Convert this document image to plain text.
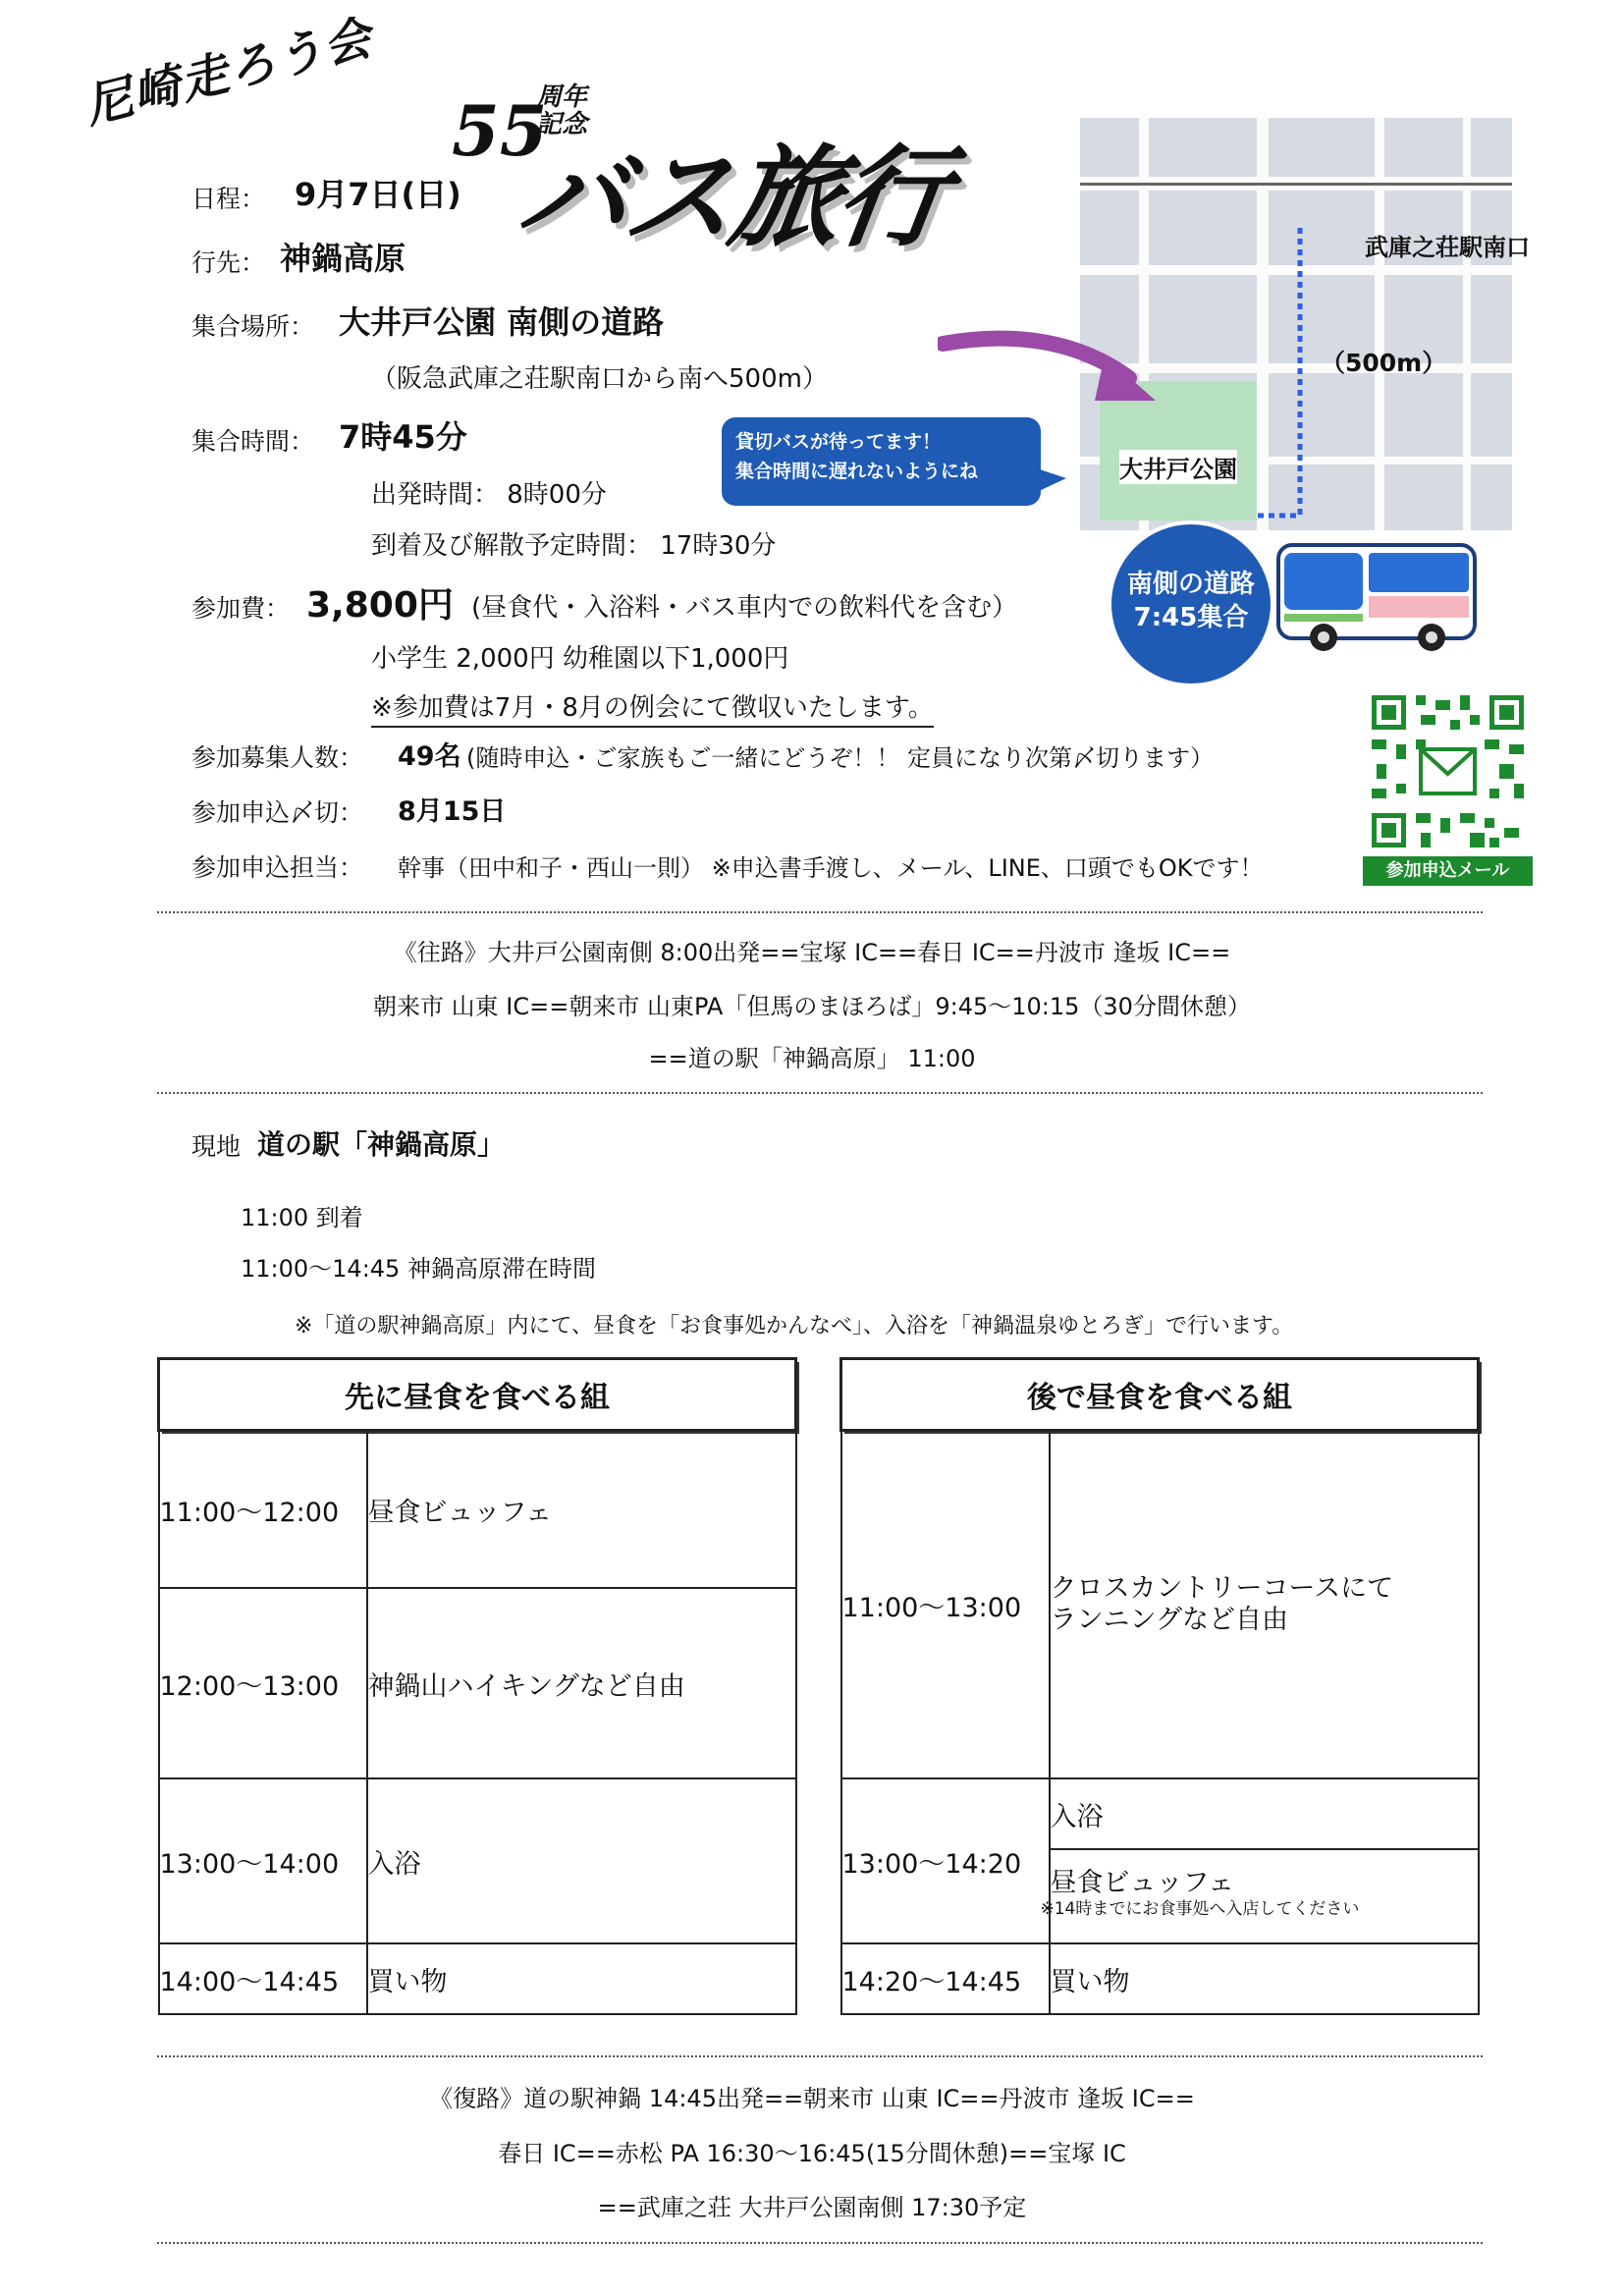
尼崎走ろう会 55
周年
記念
バス旅行
日程： 9月7日(日)
行先： 神鍋高原
集合場所： 大井戸公園 南側の道路
（阪急武庫之荘駅南口から南へ500m）
集合時間： 7時45分
出発時間： 8時00分
到着及び解散予定時間： 17時30分
参加費： 3,800円 (昼食代・入浴料・バス車内での飲料代を含む）
小学生 2,000円 幼稚園以下1,000円
※参加費は7月・8月の例会にて徴収いたします。
参加募集人数： 49名 (随時申込・ご家族もご一緒にどうぞ！！ 定員になり次第〆切ります）
参加申込〆切： 8月15日
参加申込担当： 幹事（田中和子・西山一則） ※申込書手渡し、メール、LINE、口頭でもOKです！
武庫之荘駅南口
（500m）
大井戸公園
貸切バスが待ってます！
集合時間に遅れないようにね
南側の道路
7:45集合
参加申込メール
《往路》大井戸公園南側 8:00出発==宝塚 IC==春日 IC==丹波市 逢坂 IC==
朝来市 山東 IC==朝来市 山東PA「但馬のまほろば」9:45〜10:15（30分間休憩）
==道の駅「神鍋高原」 11:00
現地 道の駅「神鍋高原」
11:00 到着
11:00〜14:45 神鍋高原滞在時間
※「道の駅神鍋高原」内にて、昼食を「お食事処かんなべ」、入浴を「神鍋温泉ゆとろぎ」で行います。
先に昼食を食べる組	
11:00〜12:00	昼食ビュッフェ
12:00〜13:00	神鍋山ハイキングなど自由
13:00〜14:00	入浴
14:00〜14:45	買い物
後で昼食を食べる組	
11:00〜13:00	クロスカントリーコースにて
ランニングなど自由

13:00〜14:20	入浴

	昼食ビュッフェ
※14時までにお食事処へ入店してください

14:20〜14:45	買い物
《復路》道の駅神鍋 14:45出発==朝来市 山東 IC==丹波市 逢坂 IC==
春日 IC==赤松 PA 16:30〜16:45(15分間休憩)==宝塚 IC
==武庫之荘 大井戸公園南側 17:30予定
